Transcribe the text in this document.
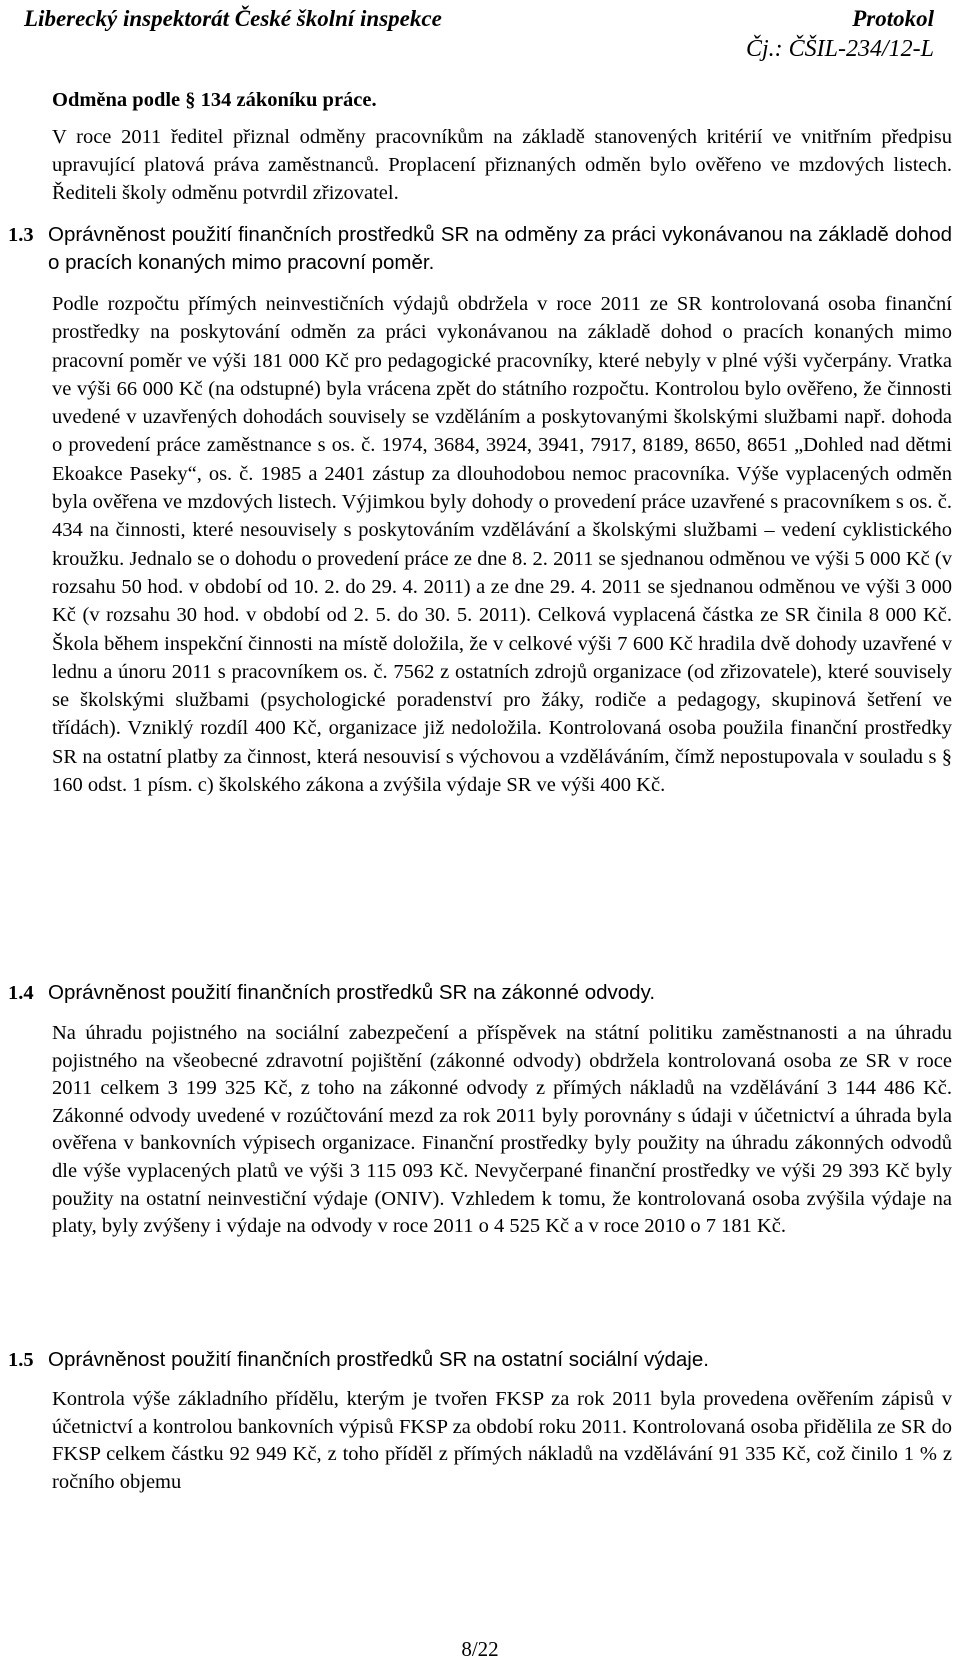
Liberecký inspektorát České školní inspekce	Protokol
Čj.: ČŠIL-234/12-L
Odměna podle § 134 zákoníku práce.
V roce 2011 ředitel přiznal odměny pracovníkům na základě stanovených kritérií ve vnitřním předpisu upravující platová práva zaměstnanců. Proplacení přiznaných odměn bylo ověřeno ve mzdových listech. Řediteli školy odměnu potvrdil zřizovatel.
1.3 Oprávněnost použití finančních prostředků SR na odměny za práci vykonávanou na základě dohod o pracích konaných mimo pracovní poměr.
Podle rozpočtu přímých neinvestičních výdajů obdržela v roce 2011 ze SR kontrolovaná osoba finanční prostředky na poskytování odměn za práci vykonávanou na základě dohod o pracích konaných mimo pracovní poměr ve výši 181 000 Kč pro pedagogické pracovníky, které nebyly v plné výši vyčerpány. Vratka ve výši 66 000 Kč (na odstupné) byla vrácena zpět do státního rozpočtu. Kontrolou bylo ověřeno, že činnosti uvedené v uzavřených dohodách souvisely se vzděláním a poskytovanými školskými službami např. dohoda o provedení práce zaměstnance s os. č. 1974, 3684, 3924, 3941, 7917, 8189, 8650, 8651 „Dohled nad dětmi Ekoakce Paseky“, os. č. 1985 a 2401 zástup za dlouhodobou nemoc pracovníka. Výše vyplacených odměn byla ověřena ve mzdových listech. Výjimkou byly dohody o provedení práce uzavřené s pracovníkem s os. č. 434 na činnosti, které nesouvisely s poskytováním vzdělávání a školskými službami – vedení cyklistického kroužku. Jednalo se o dohodu o provedení práce ze dne 8. 2. 2011 se sjednanou odměnou ve výši 5 000 Kč (v rozsahu 50 hod. v období od 10. 2. do 29. 4. 2011) a ze dne 29. 4. 2011 se sjednanou odměnou ve výši 3 000 Kč (v rozsahu 30 hod. v období od 2. 5. do 30. 5. 2011). Celková vyplacená částka ze SR činila 8 000 Kč. Škola během inspekční činnosti na místě doložila, že v celkové výši 7 600 Kč hradila dvě dohody uzavřené v lednu a únoru 2011 s pracovníkem os. č. 7562 z ostatních zdrojů organizace (od zřizovatele), které souvisely se školskými službami (psychologické poradenství pro žáky, rodiče a pedagogy, skupinová šetření ve třídách). Vzniklý rozdíl 400 Kč, organizace již nedoložila. Kontrolovaná osoba použila finanční prostředky SR na ostatní platby za činnost, která nesouvisí s výchovou a vzděláváním, čímž nepostupovala v souladu s § 160 odst. 1 písm. c) školského zákona a zvýšila výdaje SR ve výši 400 Kč.
1.4 Oprávněnost použití finančních prostředků SR na zákonné odvody.
Na úhradu pojistného na sociální zabezpečení a příspěvek na státní politiku zaměstnanosti a na úhradu pojistného na všeobecné zdravotní pojištění (zákonné odvody) obdržela kontrolovaná osoba ze SR v roce 2011 celkem 3 199 325 Kč, z toho na zákonné odvody z přímých nákladů na vzdělávání 3 144 486 Kč. Zákonné odvody uvedené v rozúčtování mezd za rok 2011 byly porovnány s údaji v účetnictví a úhrada byla ověřena v bankovních výpisech organizace. Finanční prostředky byly použity na úhradu zákonných odvodů dle výše vyplacených platů ve výši 3 115 093 Kč. Nevyčerpané finanční prostředky ve výši 29 393 Kč byly použity na ostatní neinvestiční výdaje (ONIV). Vzhledem k tomu, že kontrolovaná osoba zvýšila výdaje na platy, byly zvýšeny i výdaje na odvody v roce 2011 o 4 525 Kč a v roce 2010 o 7 181 Kč.
1.5 Oprávněnost použití finančních prostředků SR na ostatní sociální výdaje.
Kontrola výše základního přídělu, kterým je tvořen FKSP za rok 2011 byla provedena ověřením zápisů v účetnictví a kontrolou bankovních výpisů FKSP za období roku 2011. Kontrolovaná osoba přidělila ze SR do FKSP celkem částku 92 949 Kč, z toho příděl z přímých nákladů na vzdělávání 91 335 Kč, což činilo 1 % z ročního objemu
8/22
